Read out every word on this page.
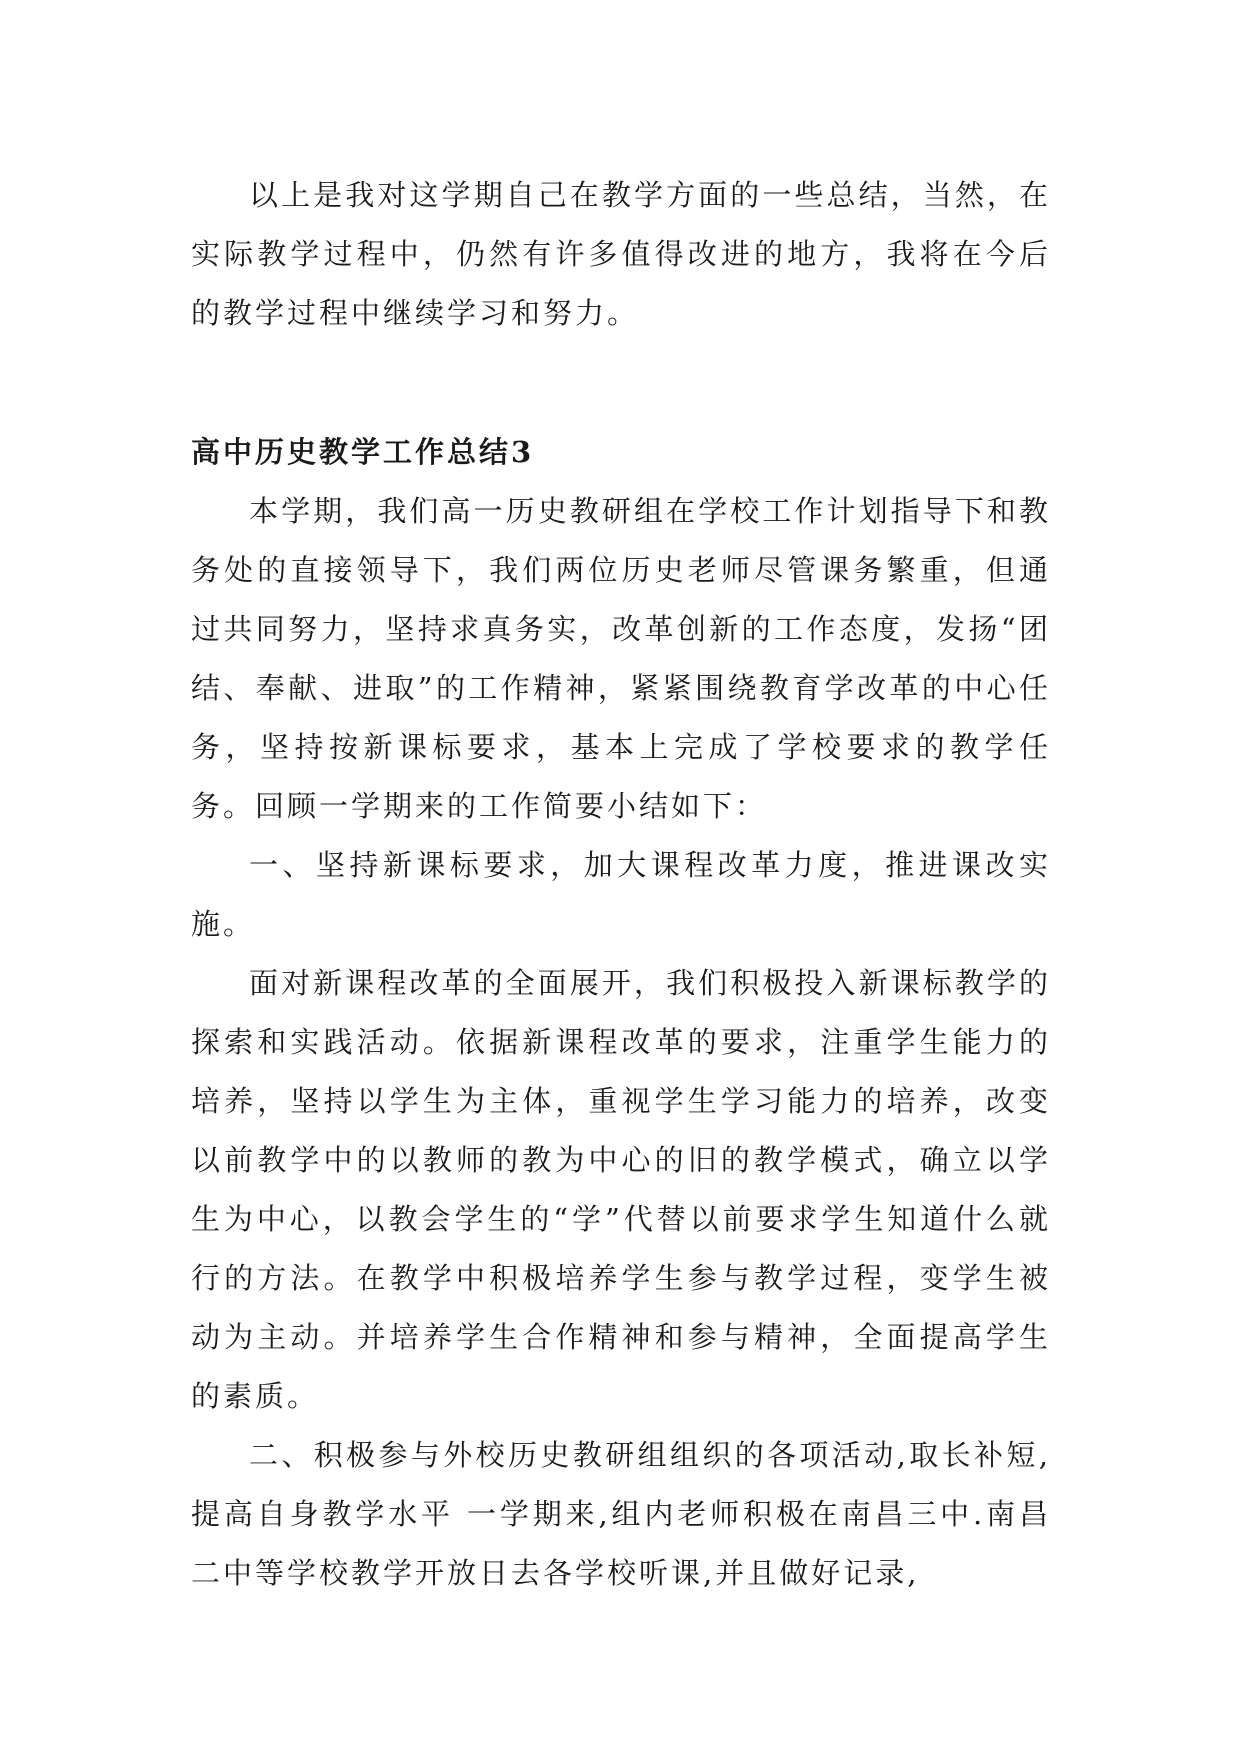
以上是我对这学期自己在教学方面的一些总结，当然，在实际教学过程中，仍然有许多值得改进的地方，我将在今后的教学过程中继续学习和努力。

高中历史教学工作总结3

本学期，我们高一历史教研组在学校工作计划指导下和教务处的直接领导下，我们两位历史老师尽管课务繁重，但通过共同努力，坚持求真务实，改革创新的工作态度，发扬“团结、奉献、进取”的工作精神，紧紧围绕教育学改革的中心任务，坚持按新课标要求，基本上完成了学校要求的教学任务。回顾一学期来的工作简要小结如下：

一、坚持新课标要求，加大课程改革力度，推进课改实施。

面对新课程改革的全面展开，我们积极投入新课标教学的探索和实践活动。依据新课程改革的要求，注重学生能力的培养，坚持以学生为主体，重视学生学习能力的培养，改变以前教学中的以教师的教为中心的旧的教学模式，确立以学生为中心，以教会学生的“学”代替以前要求学生知道什么就行的方法。在教学中积极培养学生参与教学过程，变学生被动为主动。并培养学生合作精神和参与精神，全面提高学生的素质。

二、积极参与外校历史教研组组织的各项活动,取长补短,提高自身教学水平 一学期来,组内老师积极在南昌三中.南昌二中等学校教学开放日去各学校听课,并且做好记录,
